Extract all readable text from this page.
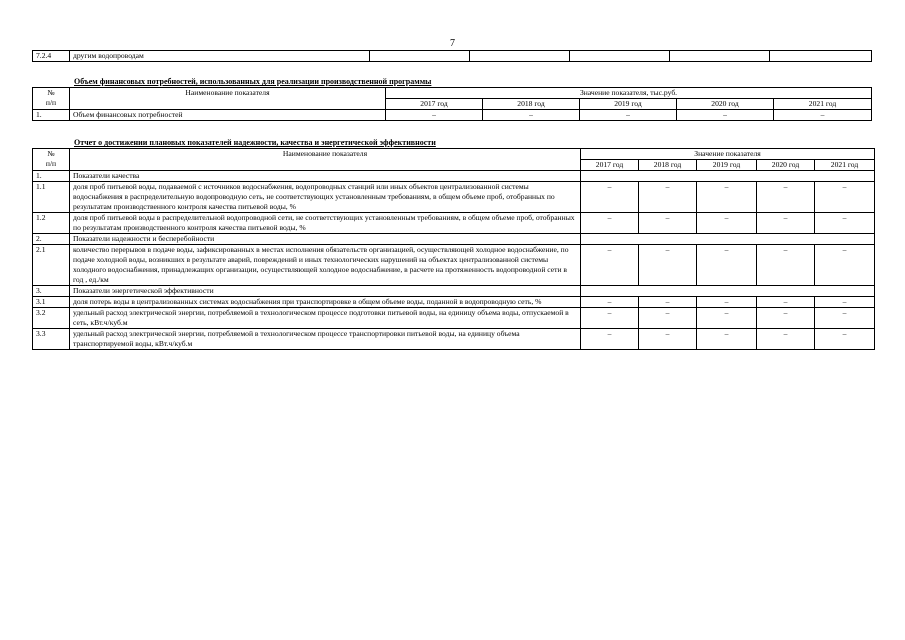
7
7.2.4	другим водопроводам					
Объем финансовых потребностей, использованных для реализации производственной программы
№
п/п	Наименование показателя	Значение показателя, тыс.руб.				
		2017 год	2018 год	2019 год	2020 год	2021 год
1.	Объем финансовых потребностей	–	–	–	–	–
Отчет о достижении плановых показателей надежности, качества и энергетической эффективности
№
п/п	Наименование показателя	Значение показателя				
		2017 год	2018 год	2019 год	2020 год	2021 год
1.	Показатели качества					
1.1	доля проб питьевой воды, подаваемой с источников водоснабжения, водопроводных станций или иных объектов централизованной системы водоснабжения в распределительную водопроводную сеть, не соответствующих установленным требованиям, в общем объеме проб, отобранных по результатам производственного контроля качества питьевой воды, %	–	–	–	–	–
1.2	доля проб питьевой воды в распределительной водопроводной сети, не соответствующих установленным требованиям, в общем объеме проб, отобранных по результатам производственного контроля качества питьевой воды, %	–	–	–	–	–
2.	Показатели надежности и бесперебойности					
2.1	количество перерывов в подаче воды, зафиксированных в местах исполнения обязательств организацией, осуществляющей холодное водоснабжение, по подаче холодной воды, возникших в результате аварий, повреждений и иных технологических нарушений на объектах централизованной системы холодного водоснабжения, принадлежащих организации, осуществляющей холодное водоснабжение, в расчете на протяженность водопроводной сети в год , ед./км	–	–	–	–	–
3.	Показатели энергетической эффективности					
3.1	доля потерь воды в централизованных системах водоснабжения при транспортировке в общем объеме воды, поданной в водопроводную сеть, %	–	–	–	–	–
3.2	удельный расход электрической энергии, потребляемой в технологическом процессе подготовки питьевой воды, на единицу объема воды, отпускаемой в сеть, кВт.ч/куб.м	–	–	–	–	–
3.3	удельный расход электрической энергии, потребляемой в технологическом процессе транспортировки питьевой воды, на единицу объема транспортируемой воды, кВт.ч/куб.м	–	–	–	–	–
